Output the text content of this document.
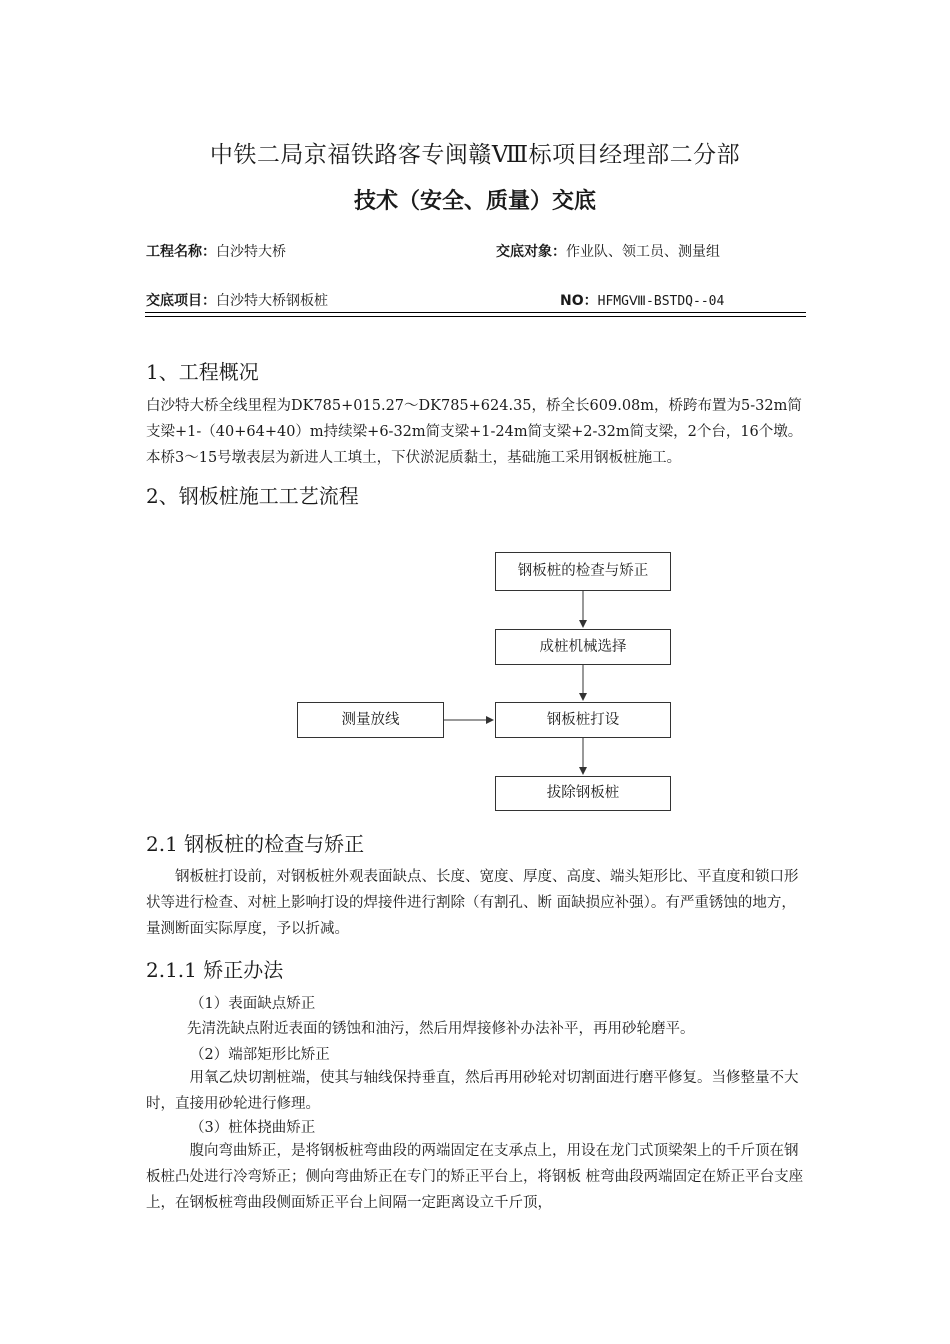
中铁二局京福铁路客专闽赣Ⅷ标项目经理部二分部
技术（安全、质量）交底
工程名称：白沙特大桥	交底对象：作业队、领工员、测量组
交底项目：白沙特大桥钢板桩	NO：HFMGⅧ-BSTDQ--04
1、工程概况
白沙特大桥全线里程为DK785+015.27～DK785+624.35，桥全长609.08m，桥跨布置为5-32m简支梁+1-（40+64+40）m持续梁+6-32m简支梁+1-24m简支梁+2-32m简支梁，2个台，16个墩。本桥3～15号墩表层为新进人工填土，下伏淤泥质黏土，基础施工采用钢板桩施工。
2、钢板桩施工工艺流程
钢板桩的检查与矫正
成桩机械选择
钢板桩打设
拔除钢板桩
测量放线
2.1 钢板桩的检查与矫正
钢板桩打设前，对钢板桩外观表面缺点、长度、宽度、厚度、高度、端头矩形比、平直度和锁口形状等进行检查、对桩上影响打设的焊接件进行割除（有割孔、断 面缺损应补强）。有严重锈蚀的地方，量测断面实际厚度，予以折减。
2.1.1 矫正办法
（1）表面缺点矫正
先清洗缺点附近表面的锈蚀和油污，然后用焊接修补办法补平，再用砂轮磨平。
（2）端部矩形比矫正
用氧乙炔切割桩端，使其与轴线保持垂直，然后再用砂轮对切割面进行磨平修复。当修整量不大时，直接用砂轮进行修理。
（3）桩体挠曲矫正
腹向弯曲矫正，是将钢板桩弯曲段的两端固定在支承点上，用设在龙门式顶梁架上的千斤顶在钢板桩凸处进行冷弯矫正；侧向弯曲矫正在专门的矫正平台上，将钢板 桩弯曲段两端固定在矫正平台支座上，在钢板桩弯曲段侧面矫正平台上间隔一定距离设立千斤顶，
